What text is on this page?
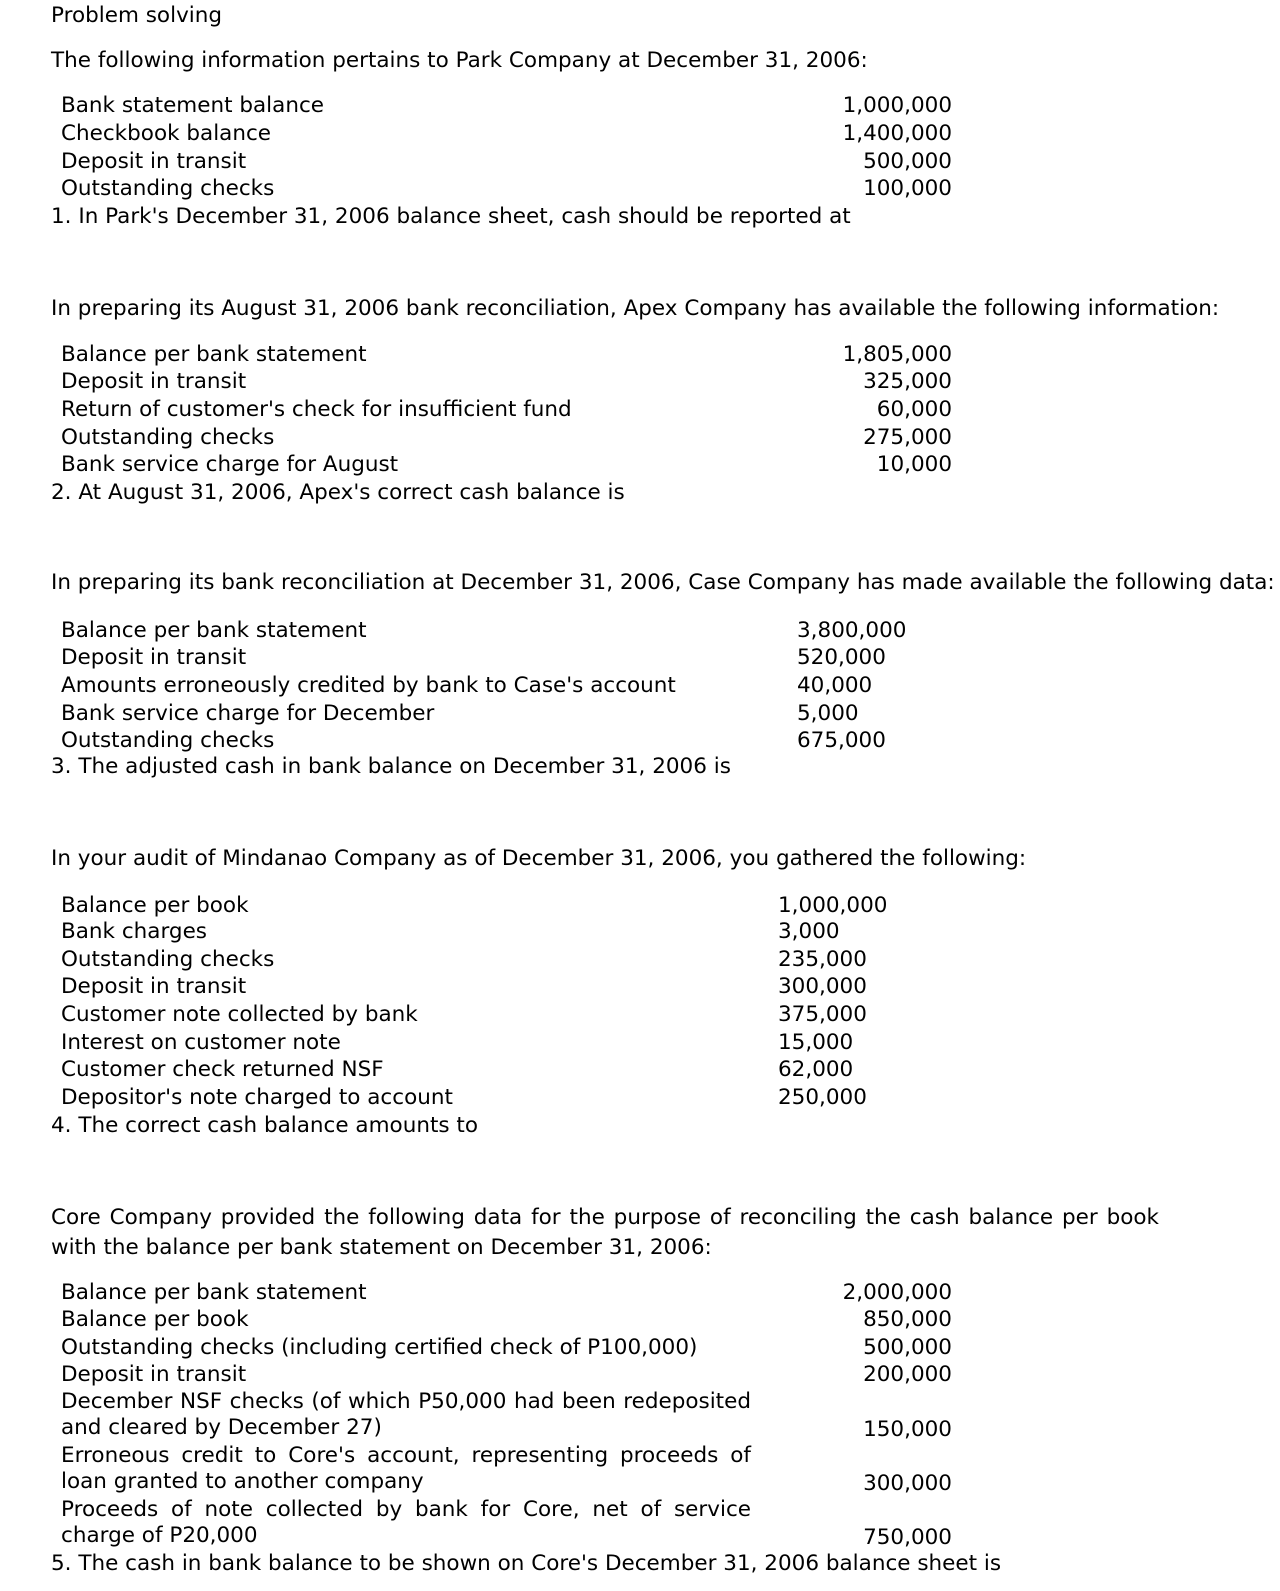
Problem solving
The following information pertains to Park Company at December 31, 2006:
Bank statement balance	1,000,000
Checkbook balance	1,400,000
Deposit in transit	500,000
Outstanding checks	100,000
1. In Park's December 31, 2006 balance sheet, cash should be reported at
In preparing its August 31, 2006 bank reconciliation, Apex Company has available the following information:
Balance per bank statement	1,805,000
Deposit in transit	325,000
Return of customer's check for insufficient fund	60,000
Outstanding checks	275,000
Bank service charge for August	10,000
2. At August 31, 2006, Apex's correct cash balance is
In preparing its bank reconciliation at December 31, 2006, Case Company has made available the following data:
Balance per bank statement	3,800,000
Deposit in transit	520,000
Amounts erroneously credited by bank to Case's account	40,000
Bank service charge for December	5,000
Outstanding checks	675,000
3. The adjusted cash in bank balance on December 31, 2006 is
In your audit of Mindanao Company as of December 31, 2006, you gathered the following:
Balance per book	1,000,000
Bank charges	3,000
Outstanding checks	235,000
Deposit in transit	300,000
Customer note collected by bank	375,000
Interest on customer note	15,000
Customer check returned NSF	62,000
Depositor's note charged to account	250,000
4. The correct cash balance amounts to
Core Company provided the following data for the purpose of reconciling the cash balance per book with the balance per bank statement on December 31, 2006:
Balance per bank statement	2,000,000
Balance per book	850,000
Outstanding checks (including certified check of P100,000)	500,000
Deposit in transit	200,000
December NSF checks (of which P50,000 had been redeposited and cleared by December 27)	150,000
Erroneous credit to Core's account, representing proceeds of loan granted to another company	300,000
Proceeds of note collected by bank for Core, net of service charge of P20,000	750,000
5. The cash in bank balance to be shown on Core's December 31, 2006 balance sheet is
